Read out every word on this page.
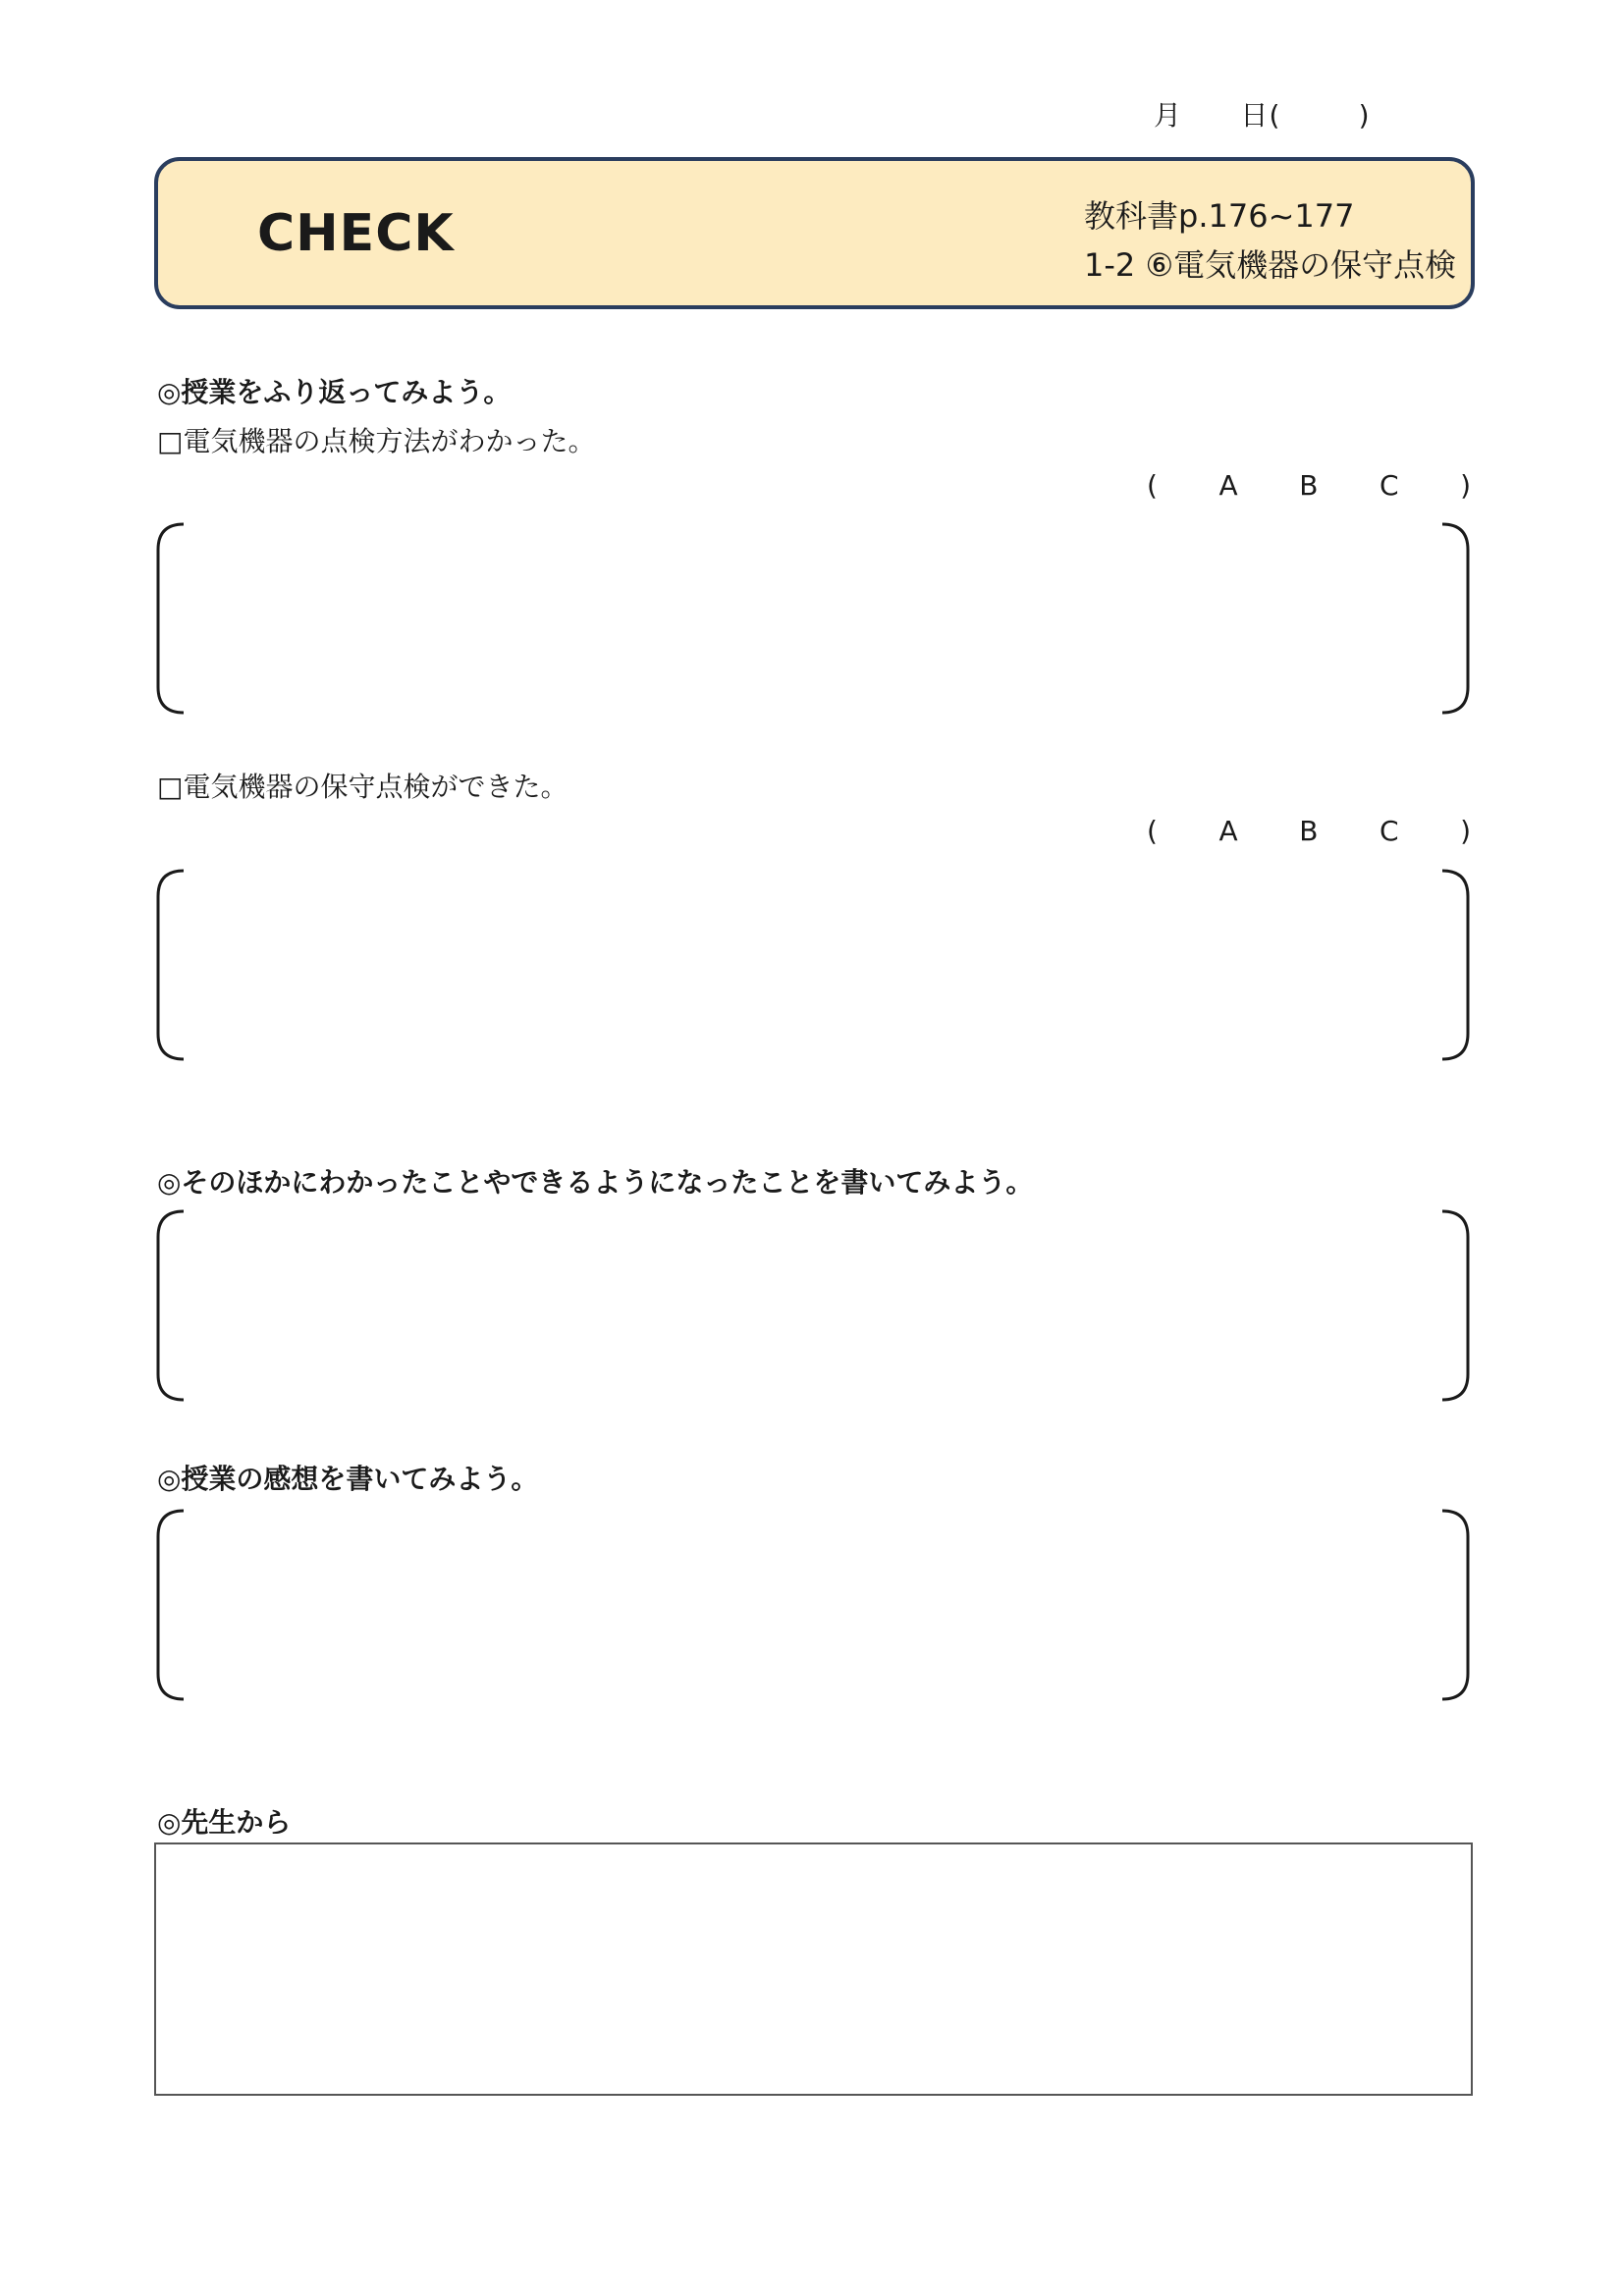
月 日(	)
CHECK	教科書p.176~177
1-2 ⑥電気機器の保守点検
◎授業をふり返ってみよう。
□電気機器の点検方法がわかった。
( A B C )
□電気機器の保守点検ができた。
( A B C )
◎そのほかにわかったことやできるようになったことを書いてみよう。
◎授業の感想を書いてみよう。
◎先生から
